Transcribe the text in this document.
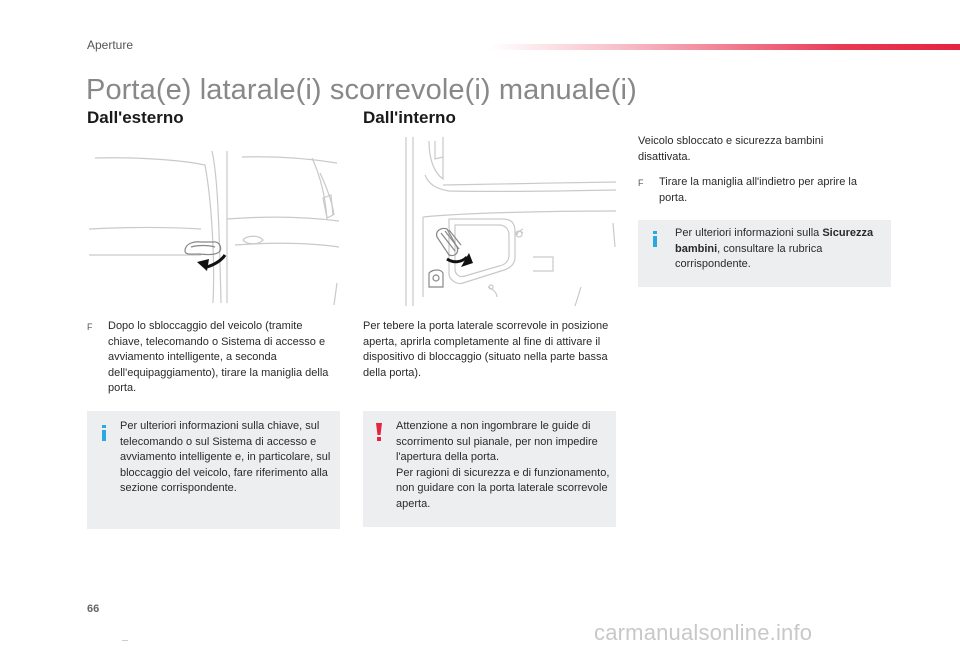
Aperture
Porta(e) latarale(i) scorrevole(i) manuale(i)
Dall'esterno	Dall'interno
F	Dopo lo sbloccaggio del veicolo (tramite chiave, telecomando o Sistema di accesso e avviamento intelligente, a seconda dell'equipaggiamento), tirare la maniglia della porta.
Per ulteriori informazioni sulla chiave, sul telecomando o sul Sistema di accesso e avviamento intelligente e, in particolare, sul bloccaggio del veicolo, fare riferimento alla sezione corrispondente.
Per tebere la porta laterale scorrevole in posizione aperta, aprirla completamente al fine di attivare il dispositivo di bloccaggio (situato nella parte bassa della porta).
Attenzione a non ingombrare le guide di scorrimento sul pianale, per non impedire l'apertura della porta.
Per ragioni di sicurezza e di funzionamento, non guidare con la porta laterale scorrevole aperta.
Veicolo sbloccato e sicurezza bambini disattivata.
F	Tirare la maniglia all'indietro per aprire la porta.
Per ulteriori informazioni sulla Sicurezza bambini, consultare la rubrica corrispondente.
66
carmanualsonline.info
